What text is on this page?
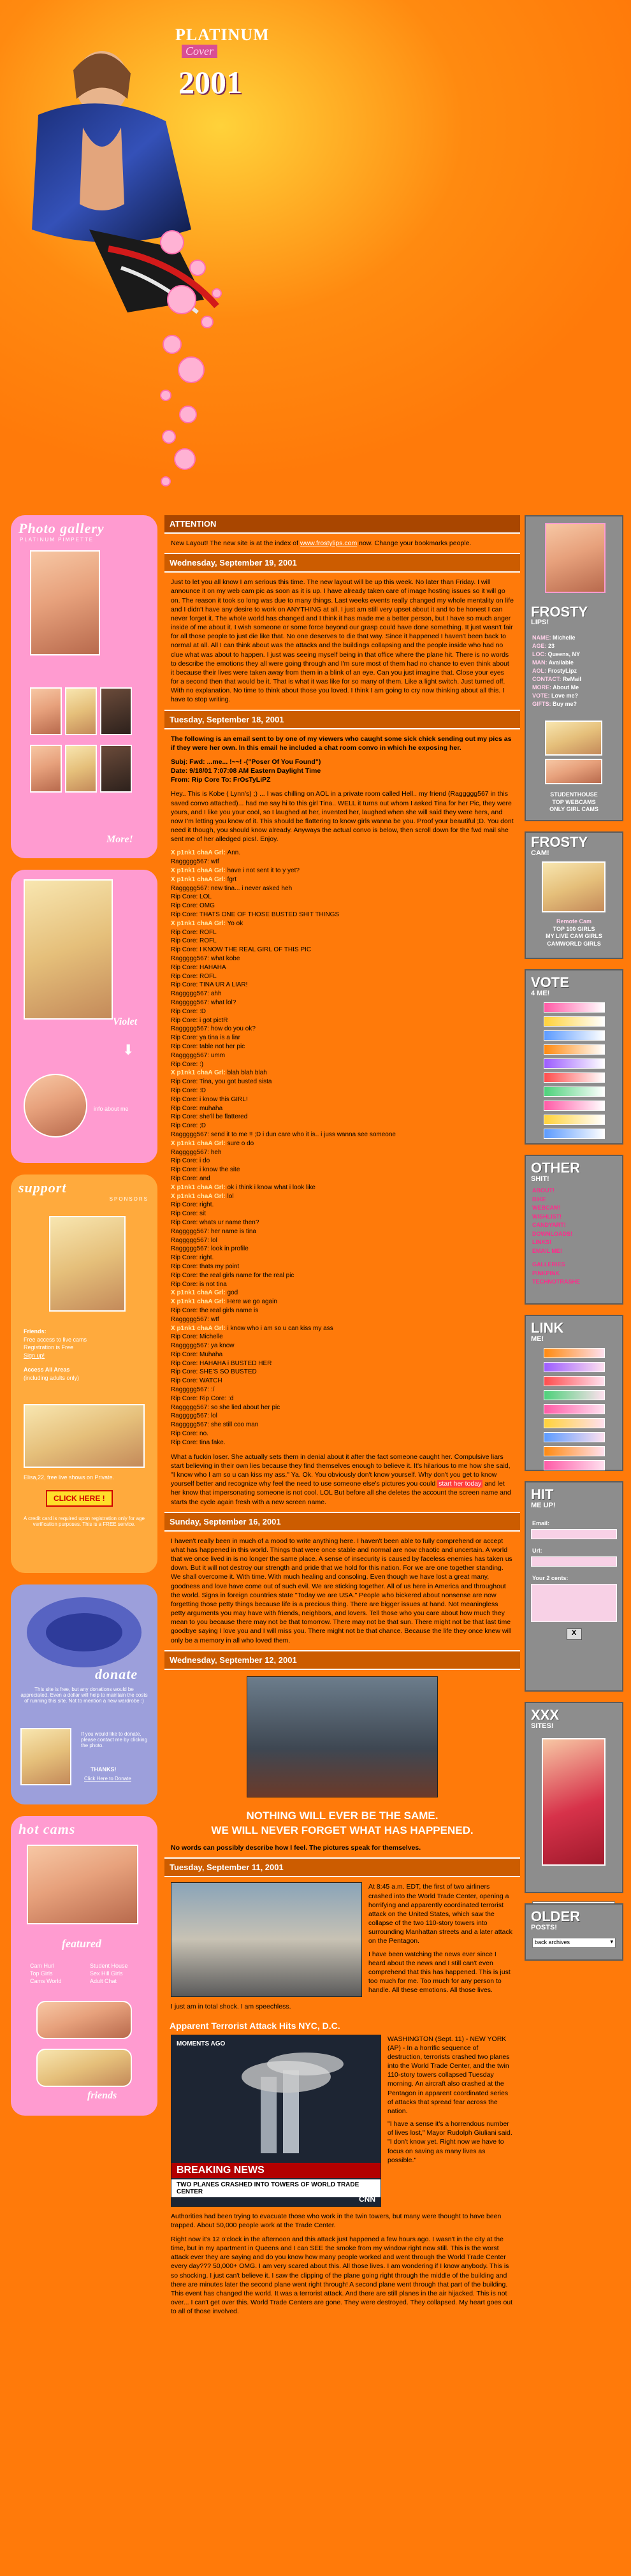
PLATINUM
Cover
2001
Photo gallery
PLATINUM PIMPETTE
More!
Violet
⬇
info about me
support
SPONSORS
Friends:
Free access to live cams
Registration is Free
Sign up!
Access All Areas
(including adults only)
Elisa,22, free live shows on Private.
CLICK HERE !
A credit card is required upon registration only for age verification purposes. This is a FREE service.
donate
This site is free, but any donations would be appreciated. Even a dollar will help to maintain the costs of running this site. Not to mention a new wardrobe :)
If you would like to donate, please contact me by clicking the photo.
THANKS!
Click Here to Donate
hot cams
featured
Cam Hurl	Student House
Top Girls	Sex Hill Girls
Cams World	Adult Chat
friends
ATTENTION
New Layout! The new site is at the index of www.frostylips.com now. Change your bookmarks people.
Wednesday, September 19, 2001
Just to let you all know I am serious this time. The new layout will be up this week. No later than Friday. I will announce it on my web cam pic as soon as it is up. I have already taken care of image hosting issues so it will go on. The reason it took so long was due to many things. Last weeks events really changed my whole mentality on life and I didn't have any desire to work on ANYTHING at all. I just am still very upset about it and to be honest I can never forget it. The whole world has changed and I think it has made me a better person, but I have so much anger inside of me about it. I wish someone or some force beyond our grasp could have done something. It just wasn't fair for all those people to just die like that. No one deserves to die that way. Since it happened I haven't been back to normal at all. All I can think about was the attacks and the buildings collapsing and the people inside who had no clue what was about to happen. I just was seeing myself being in that office where the plane hit. There is no words to describe the emotions they all were going through and I'm sure most of them had no chance to even think about it because their lives were taken away from them in a blink of an eye. Can you just imagine that. Close your eyes for a second then that would be it. That is what it was like for so many of them. Like a light switch. Just turned off. With no explanation. No time to think about those you loved. I think I am going to cry now thinking about all this. I have to stop writing.
Tuesday, September 18, 2001
The following is an email sent to by one of my viewers who caught some sick chick sending out my pics as if they were her own. In this email he included a chat room convo in which he exposing her.
Subj: Fwd: ...me... !~~! -("Poser Of You Found")
Date: 9/18/01 7:07:08 AM Eastern Daylight Time
From: Rip Core To: FrOsTyLiPZ
Hey.. This is Kobe ( Lynn's) ;) ... I was chilling on AOL in a private room called Hell.. my friend (Raggggg567 in this saved convo attached)... had me say hi to this girl Tina.. WELL it turns out whom I asked Tina for her Pic, they were yours, and I like you your cool, so I laughed at her, invented her, laughed when she will said they were hers, and now I'm letting you know of it. This should be flattering to know girls wanna be you. Proof your beautiful ;D. You dont need it though, you should know already. Anyways the actual convo is below, then scroll down for the fwd mail she sent me of her alledged pics!. Enjoy.
X p1nk1 chaA Grl: Ann.
Raggggg567: wtf
X p1nk1 chaA Grl: have i not sent it to y yet?
X p1nk1 chaA Grl: fgrt
Raggggg567: new tina... i never asked heh
Rip Core: LOL
Rip Core: OMG
Rip Core: THATS ONE OF THOSE BUSTED SHIT THINGS
X p1nk1 chaA Grl: Yo ok
Rip Core: ROFL
Rip Core: ROFL
Rip Core: I KNOW THE REAL GIRL OF THIS PIC
Raggggg567: what kobe
Rip Core: HAHAHA
Rip Core: ROFL
Rip Core: TINA UR A LIAR!
Raggggg567: ahh
Raggggg567: what lol?
Rip Core: :D
Rip Core: i got pictR
Raggggg567: how do you ok?
Rip Core: ya tina is a liar
Rip Core: table not her pic
Raggggg567: umm
Rip Core: :)
X p1nk1 chaA Grl: blah blah blah
Rip Core: Tina, you got busted sista
Rip Core: :D
Rip Core: i know this GIRL!
Rip Core: muhaha
Rip Core: she'll be flattered
Rip Core: ;D
Raggggg567: send it to me !! ;D i dun care who it is.. i juss wanna see someone
X p1nk1 chaA Grl: sure o do
Raggggg567: heh
Rip Core: i do
Rip Core: i know the site
Rip Core: and
X p1nk1 chaA Grl: ok i think i know what i look like
X p1nk1 chaA Grl: lol
Rip Core: right.
Rip Core: sit
Rip Core: whats ur name then?
Raggggg567: her name is tina
Raggggg567: lol
Raggggg567: look in profile
Rip Core: right.
Rip Core: thats my point
Rip Core: the real girls name for the real pic
Rip Core: is not tina
X p1nk1 chaA Grl: god
X p1nk1 chaA Grl: Here we go again
Rip Core: the real girls name is
Raggggg567: wtf
X p1nk1 chaA Grl: i know who i am so u can kiss my ass
Rip Core: Michelle
Raggggg567: ya know
Rip Core: Muhaha
Rip Core: HAHAHA i BUSTED HER
Rip Core: SHE'S SO BUSTED
Rip Core: WATCH
Raggggg567: :/
Rip Core: Rip Core: :d
Raggggg567: so she lied about her pic
Raggggg567: lol
Raggggg567: she still coo man
Rip Core: no.
Rip Core: tina fake.
What a fuckin loser. She actually sets them in denial about it after the fact someone caught her. Compulsive liars start believing in their own lies because they find themselves enough to believe it. It's hilarious to me how she said, "I know who I am so u can kiss my ass." Ya. Ok. You obviously don't know yourself. Why don't you get to know yourself better and recognize why feel the need to use someone else's pictures you could start her today and let her know that impersonating someone is not cool. LOL But before all she deletes the account the screen name and starts the cycle again fresh with a new screen name.
Sunday, September 16, 2001
I haven't really been in much of a mood to write anything here. I haven't been able to fully comprehend or accept what has happened in this world. Things that were once stable and normal are now chaotic and uncertain. A world that we once lived in is no longer the same place. A sense of insecurity is caused by faceless enemies has taken us down. But it will not destroy our strength and pride that we hold for this nation. For we are one together standing. We shall overcome it. With time. With much healing and consoling. Even though we have lost a great many, goodness and love have come out of such evil. We are sticking together. All of us here in America and throughout the world. Signs in foreign countries state "Today we are USA." People who bickered about nonsense are now forgetting those petty things because life is a precious thing. There are bigger issues at hand. Not meaningless petty arguments you may have with friends, neighbors, and lovers. Tell those who you care about how much they mean to you because there may not be that tomorrow. There may not be that sun. There might not be that last time goodbye saying I love you and I will miss you. There might not be that chance. Because the life they once knew will only be a memory in all who loved them.
Wednesday, September 12, 2001
NOTHING WILL EVER BE THE SAME.
WE WILL NEVER FORGET WHAT HAS HAPPENED.
No words can possibly describe how I feel. The pictures speak for themselves.
Tuesday, September 11, 2001

At 8:45 a.m. EDT, the first of two airliners crashed into the World Trade Center, opening a horrifying and apparently coordinated terrorist attack on the United States, which saw the collapse of the two 110-story towers into surrounding Manhattan streets and a later attack on the Pentagon.

I have been watching the news ever since I heard about the news and I still can't even comprehend that this has happened. This is just too much for me. Too much for any person to handle. All these emotions. All those lives.

I just am in total shock. I am speechless.
Apparent Terrorist Attack Hits NYC, D.C.
MOMENTS AGO
BREAKING NEWS
TWO PLANES CRASHED INTO TOWERS OF WORLD TRADE CENTER
CNN

WASHINGTON (Sept. 11) - NEW YORK (AP) - In a horrific sequence of destruction, terrorists crashed two planes into the World Trade Center, and the twin 110-story towers collapsed Tuesday morning. An aircraft also crashed at the Pentagon in apparent coordinated series of attacks that spread fear across the nation.

"I have a sense it's a horrendous number of lives lost," Mayor Rudolph Giuliani said. "I don't know yet. Right now we have to focus on saving as many lives as possible."

Authorities had been trying to evacuate those who work in the twin towers, but many were thought to have been trapped. About 50,000 people work at the Trade Center.
Right now it's 12 o'clock in the afternoon and this attack just happened a few hours ago. I wasn't in the city at the time, but in my apartment in Queens and I can SEE the smoke from my window right now still. This is the worst attack ever they are saying and do you know how many people worked and went through the World Trade Center every day??? 50,000+ OMG. I am very scared about this. All those lives. I am wondering if I know anybody. This is so shocking. I just can't believe it. I saw the clipping of the plane going right through the middle of the building and there are minutes later the second plane went right through! A second plane went through that part of the building. This event has changed the world. It was a terrorist attack. And there are still planes in the air hijacked. This is not over... I can't get over this. World Trade Centers are gone. They were destroyed. They collapsed. My heart goes out to all of those involved.
FROSTY
LIPS!
NAME: Michelle
AGE: 23
LOC: Queens, NY
MAN: Available
AOL: FrostyLipz
CONTACT: ReMail
MORE: About Me
VOTE: Love me?
GIFTS: Buy me?
STUDENTHOUSE
TOP WEBCAMS
ONLY GIRL CAMS
FROSTY
CAM!
Remote Cam
TOP 100 GIRLS
MY LIVE CAM GIRLS
CAMWORLD GIRLS
VOTE
4 ME!
OTHER
SHIT!
ABOUT!
BIKE
WEBCAM!
WISHLIST!
CANDYART!
DOWNLOADS!
LINKS!
EMAIL ME!
GALLERIES
PINKPINK
TECHNOTRASHE
LINK
ME!
HIT
ME UP!
Email:
Url:
Your 2 cents:
X
XXX
SITES!
▾
OLDER
POSTS!
back archives ▾
